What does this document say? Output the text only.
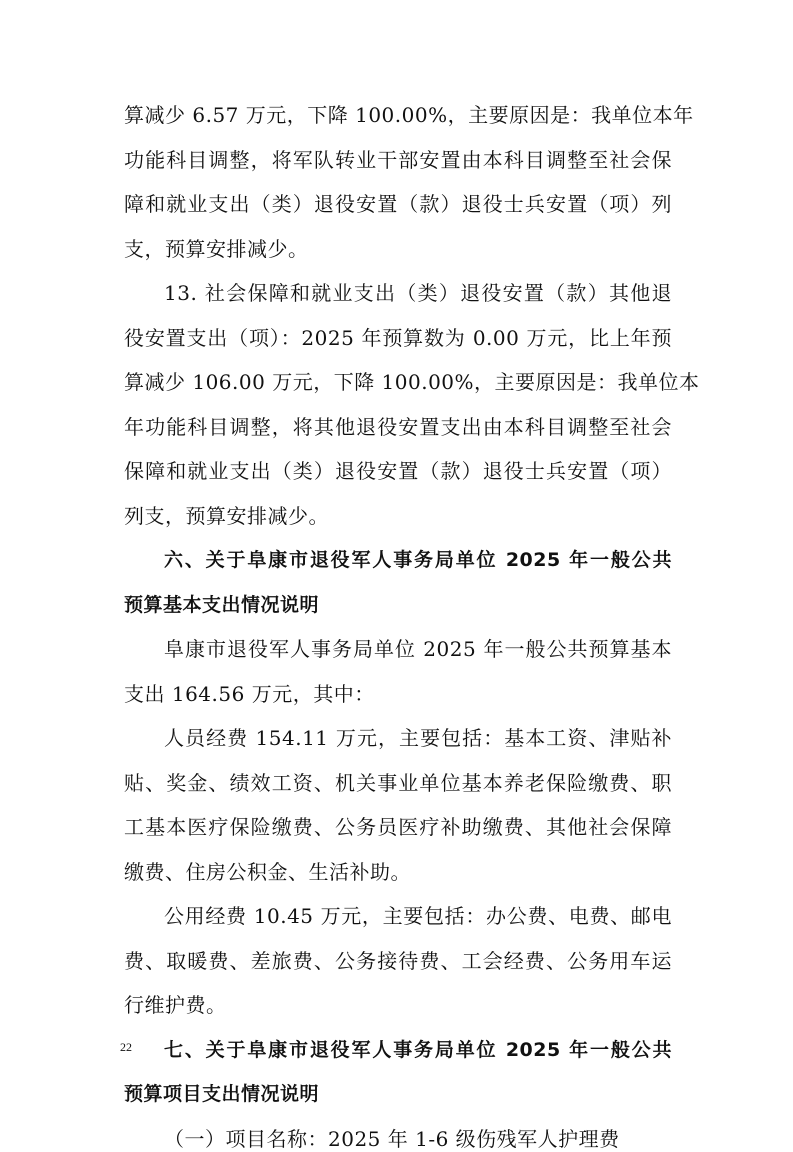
算减少 6.57 万元，下降 100.00%，主要原因是：我单位本年
功能科目调整，将军队转业干部安置由本科目调整至社会保
障和就业支出（类）退役安置（款）退役士兵安置（项）列
支，预算安排减少。
13. 社会保障和就业支出（类）退役安置（款）其他退
役安置支出（项）：2025 年预算数为 0.00 万元，比上年预
算减少 106.00 万元，下降 100.00%，主要原因是：我单位本
年功能科目调整，将其他退役安置支出由本科目调整至社会
保障和就业支出（类）退役安置（款）退役士兵安置（项）
列支，预算安排减少。
六、关于阜康市退役军人事务局单位 2025 年一般公共
预算基本支出情况说明
阜康市退役军人事务局单位 2025 年一般公共预算基本
支出 164.56 万元，其中：
人员经费 154.11 万元，主要包括：基本工资、津贴补
贴、奖金、绩效工资、机关事业单位基本养老保险缴费、职
工基本医疗保险缴费、公务员医疗补助缴费、其他社会保障
缴费、住房公积金、生活补助。
公用经费 10.45 万元，主要包括：办公费、电费、邮电
费、取暖费、差旅费、公务接待费、工会经费、公务用车运
行维护费。
七、关于阜康市退役军人事务局单位 2025 年一般公共
预算项目支出情况说明
（一）项目名称：2025 年 1-6 级伤残军人护理费
22
